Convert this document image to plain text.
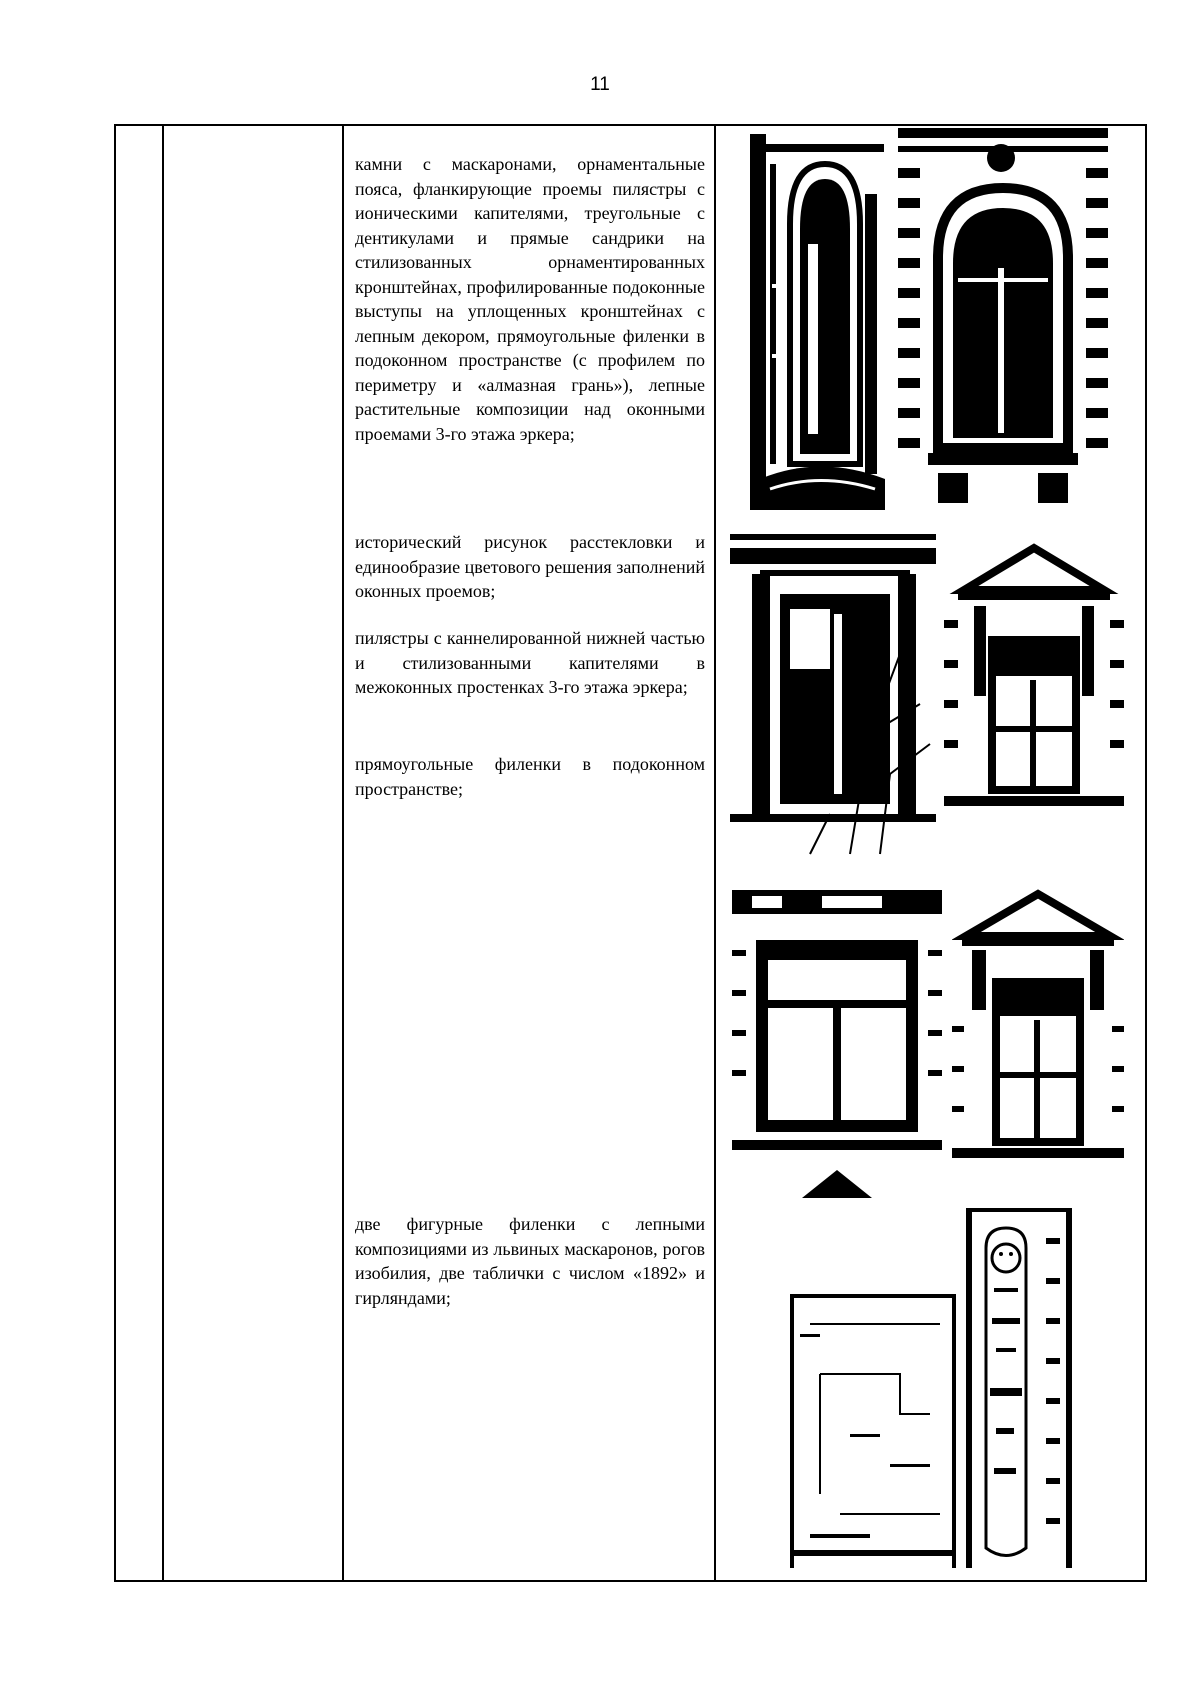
11

камни с маскаронами, орнаментальные пояса, фланкирующие проемы пилястры с ионическими капителями, треугольные с дентикулами и прямые сандрики на стилизованных орнаментированных кронштейнах, профилированные подоконные выступы на уплощенных кронштейнах с лепным декором, прямоугольные филенки в подоконном пространстве (с профилем по периметру и «алмазная грань»), лепные растительные композиции над оконными проемами 3-го этажа эркера;

исторический рисунок расстекловки и единообразие цветового решения заполнений оконных проемов;

пилястры с каннелированной нижней частью и стилизованными капителями в межоконных простенках 3-го этажа эркера;

прямоугольные филенки в подоконном пространстве;

две фигурные филенки с лепными композициями из львиных маскаронов, рогов изобилия, две таблички с числом «1892» и гирляндами;
